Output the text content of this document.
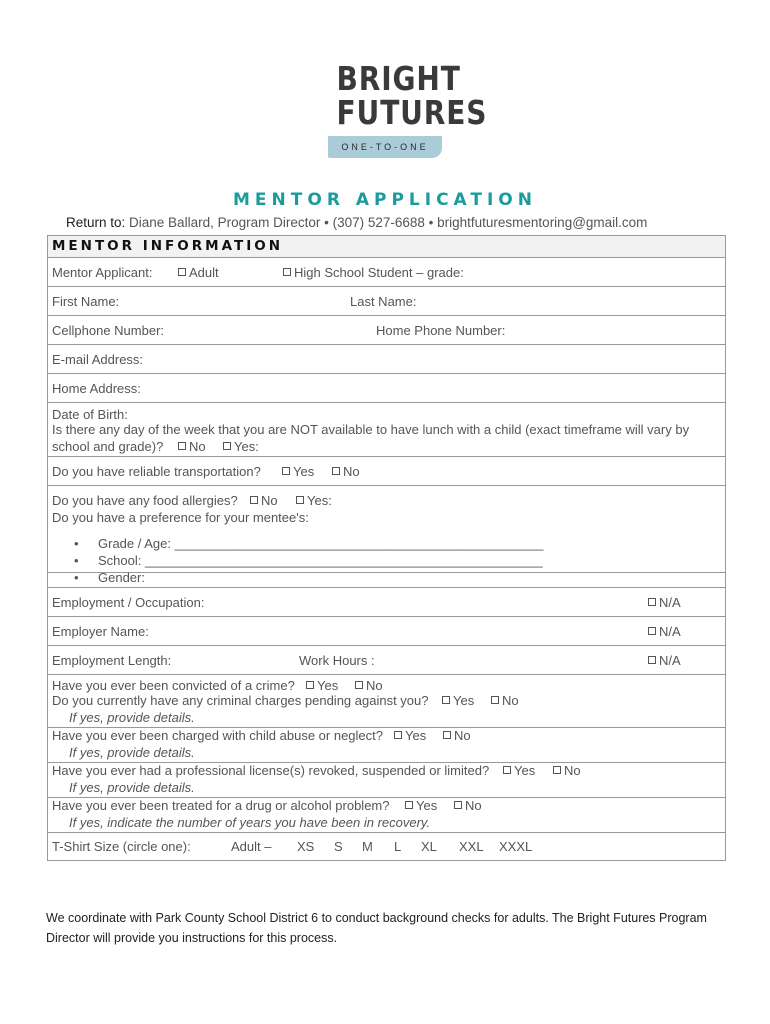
BRIGHT
FUTURES
ONE-TO-ONE
MENTOR APPLICATION
Return to: Diane Ballard, Program Director • (307) 527-6688 • brightfuturesmentoring@gmail.com
MENTOR INFORMATION
Mentor Applicant:	Adult	High School Student – grade:
First Name:	Last Name:
Cellphone Number:	Home Phone Number:
E-mail Address:
Home Address:
Date of Birth:
Is there any day of the week that you are NOT available to have lunch with a child (exact timeframe will vary by
school and grade)?	No	Yes:
Do you have reliable transportation?	Yes	No
Do you have any food allergies?	No	Yes:
Do you have a preference for your mentee's:
• Grade / Age: ___________________________________________________
• School: _______________________________________________________
• Gender:
Employment / Occupation:	N/A
Employer Name:	N/A
Employment Length:	Work Hours :	N/A
Have you ever been convicted of a crime?	Yes	No
Do you currently have any criminal charges pending against you?	Yes	No
If yes, provide details.
Have you ever been charged with child abuse or neglect?	Yes	No
If yes, provide details.
Have you ever had a professional license(s) revoked, suspended or limited?	Yes	No
If yes, provide details.
Have you ever been treated for a drug or alcohol problem?	Yes	No
If yes, indicate the number of years you have been in recovery.
T-Shirt Size (circle one):	Adult – XS S M L XL XXL XXXL
We coordinate with Park County School District 6 to conduct background checks for adults. The Bright Futures Program Director will provide you instructions for this process.
